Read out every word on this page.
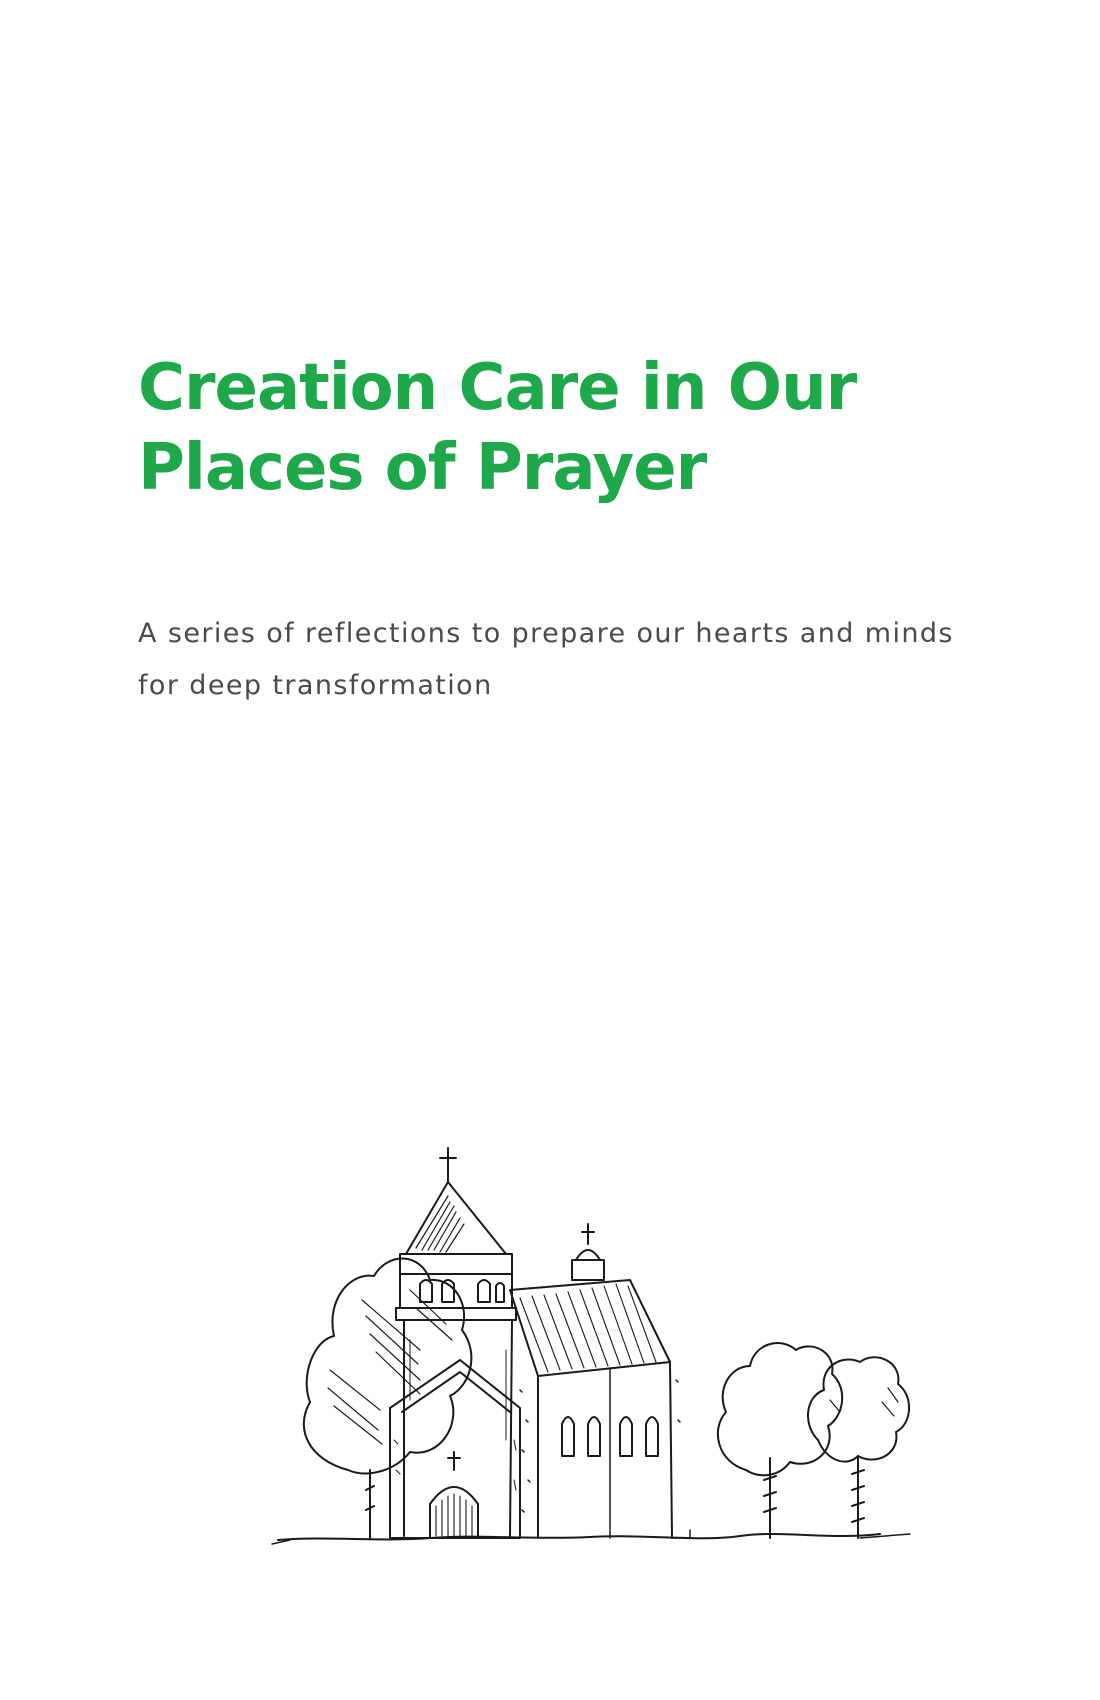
Creation Care in Our
Places of Prayer

A series of reflections to prepare our hearts and minds
for deep transformation
